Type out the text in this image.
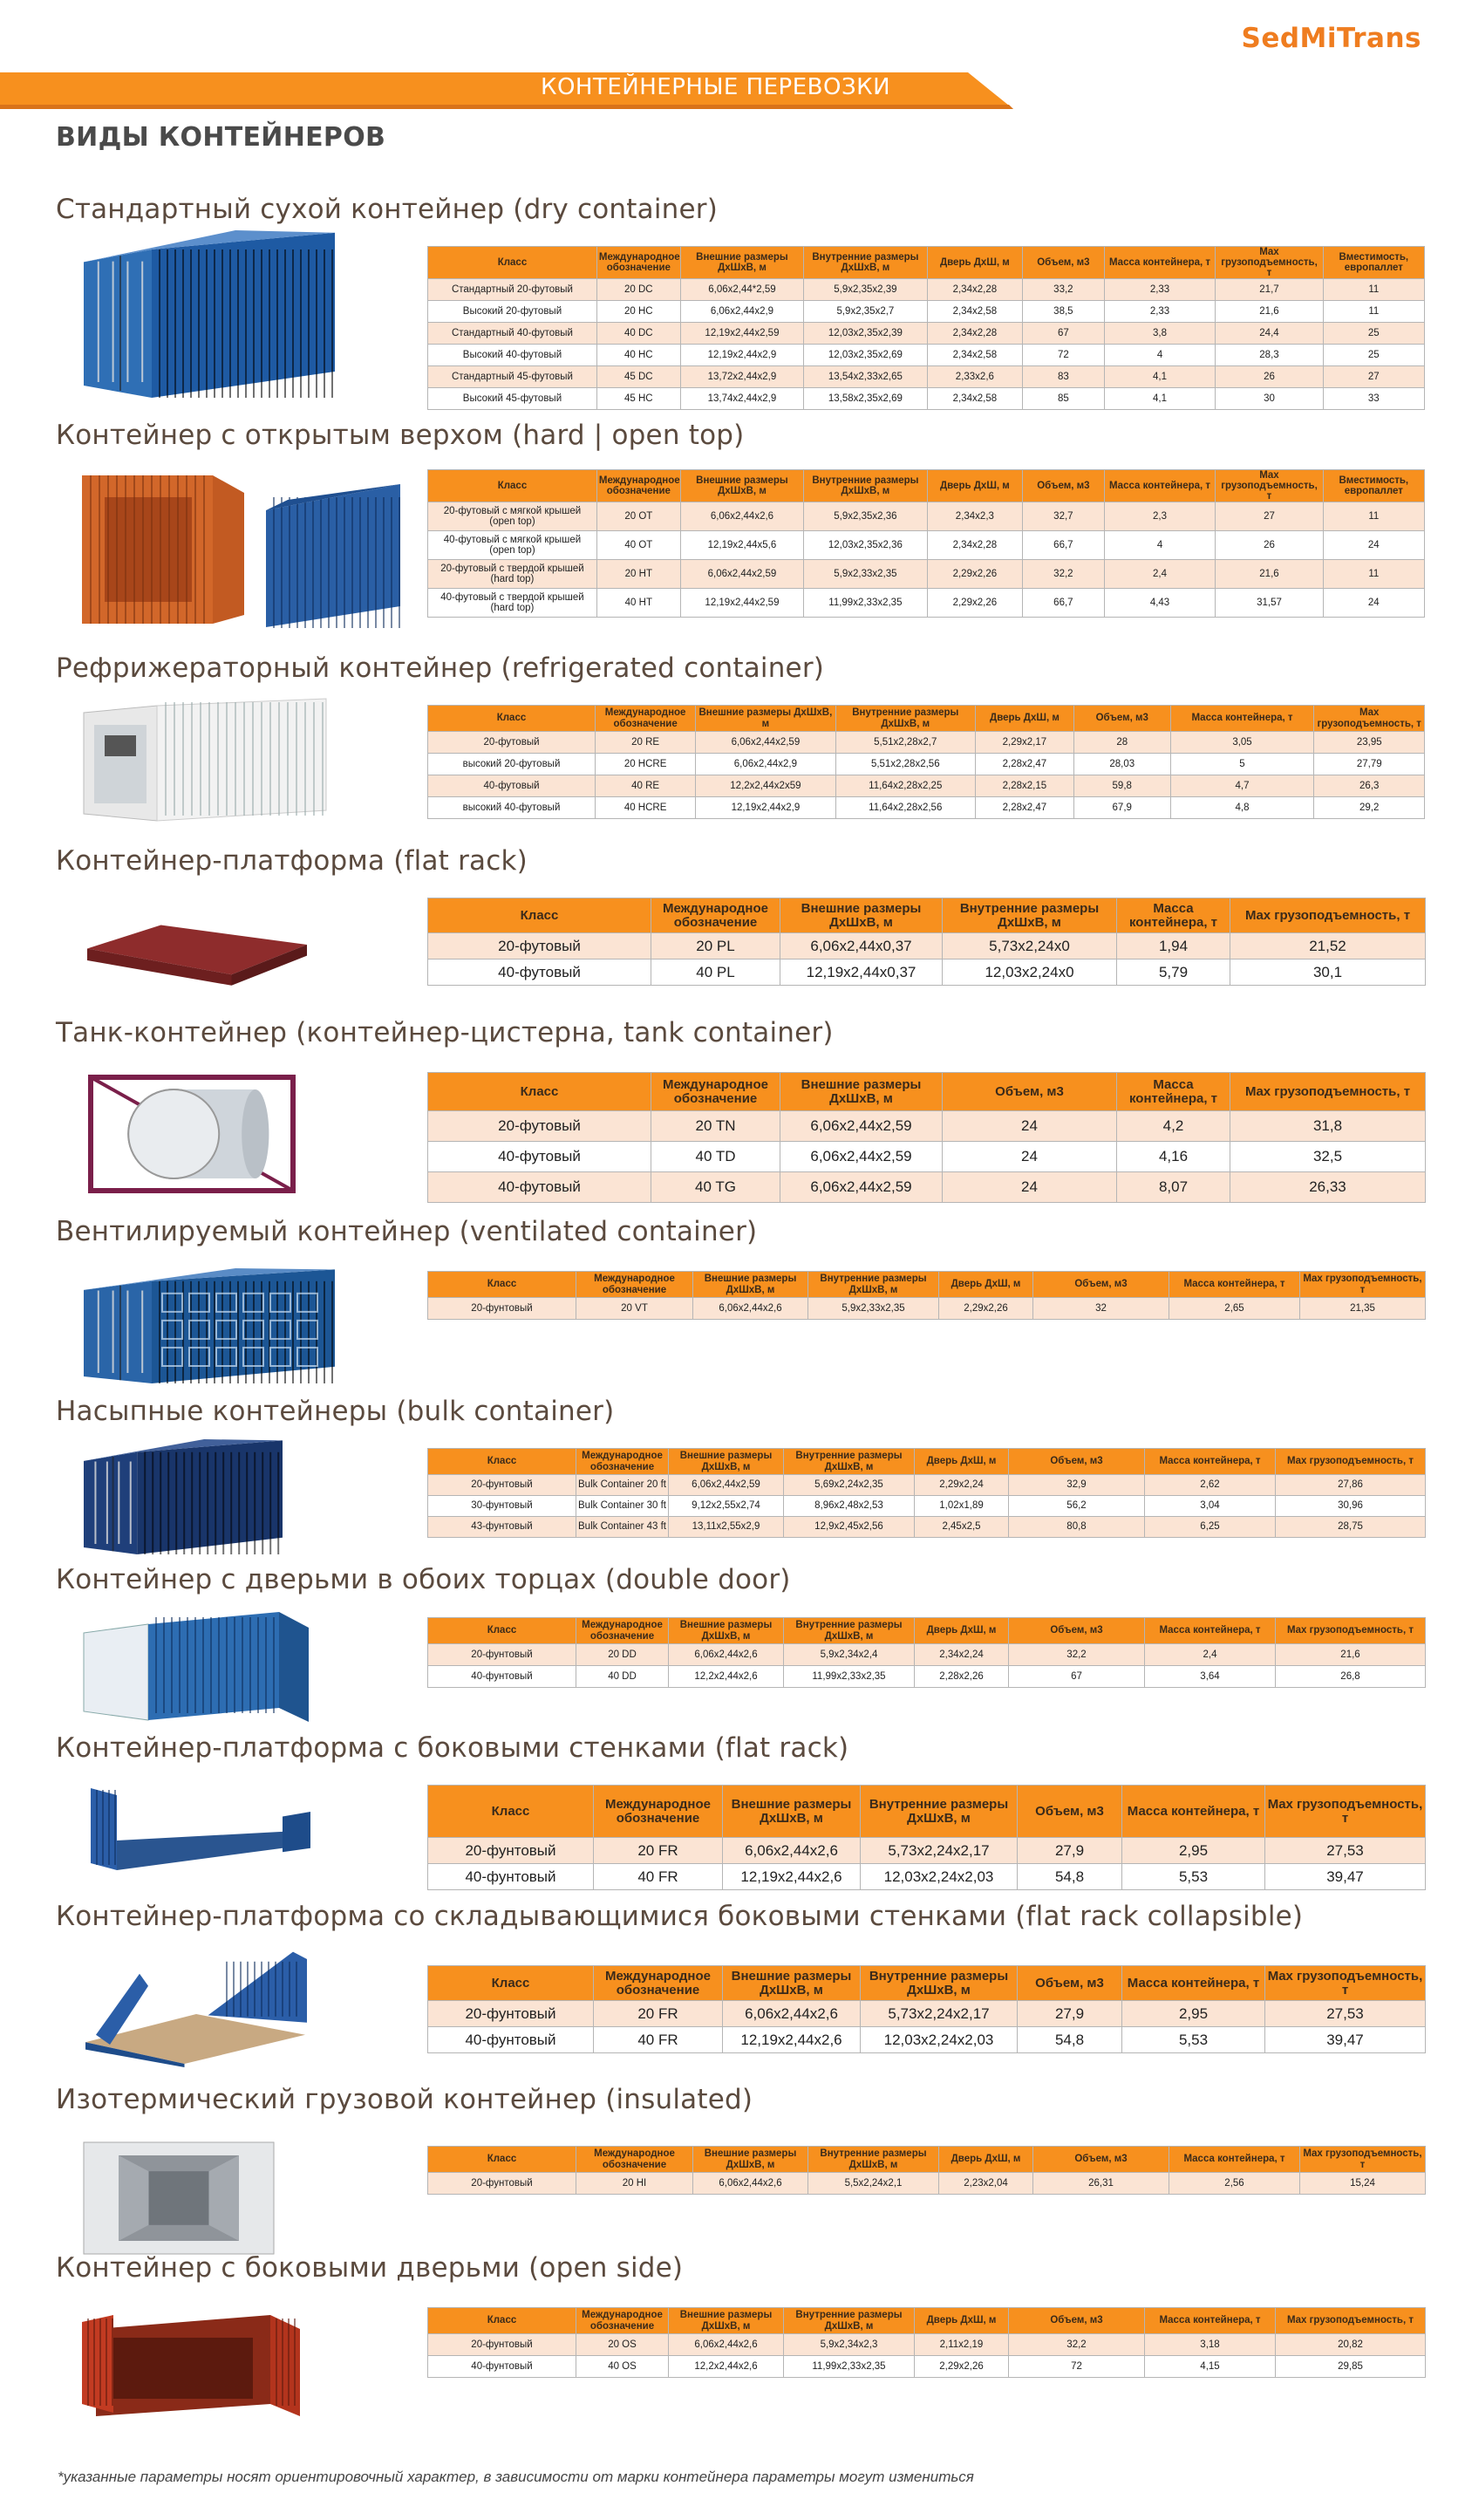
SedMiTrans
КОНТЕЙНЕРНЫЕ ПЕРЕВОЗКИ
ВИДЫ КОНТЕЙНЕРОВ
Стандартный сухой контейнер (dry container)
Класс	Международное обозначение	Внешние размеры ДхШхВ, м	Внутренние размеры ДхШхВ, м	Дверь ДхШ, м	Объем, м3	Масса контейнера, т	Max грузоподъемность, т	Вместимость, европаллет
Стандартный 20-футовый	20 DC	6,06x2,44*2,59	5,9x2,35x2,39	2,34x2,28	33,2	2,33	21,7	11
Высокий 20-футовый	20 HC	6,06x2,44x2,9	5,9x2,35x2,7	2,34x2,58	38,5	2,33	21,6	11
Стандартный 40-футовый	40 DC	12,19x2,44x2,59	12,03x2,35x2,39	2,34x2,28	67	3,8	24,4	25
Высокий 40-футовый	40 HC	12,19x2,44x2,9	12,03x2,35x2,69	2,34x2,58	72	4	28,3	25
Стандартный 45-футовый	45 DC	13,72x2,44x2,9	13,54x2,33x2,65	2,33x2,6	83	4,1	26	27
Высокий 45-футовый	45 HC	13,74x2,44x2,9	13,58x2,35x2,69	2,34x2,58	85	4,1	30	33
Контейнер с открытым верхом (hard | open top)
Класс	Международное обозначение	Внешние размеры ДхШхВ, м	Внутренние размеры ДхШхВ, м	Дверь ДхШ, м	Объем, м3	Масса контейнера, т	Max грузоподъемность, т	Вместимость, европаллет
20-футовый с мягкой крышей (open top)	20 OT	6,06x2,44x2,6	5,9x2,35x2,36	2,34x2,3	32,7	2,3	27	11
40-футовый с мягкой крышей (open top)	40 OT	12,19x2,44x5,6	12,03x2,35x2,36	2,34x2,28	66,7	4	26	24
20-футовый с твердой крышей (hard top)	20 HT	6,06x2,44x2,59	5,9x2,33x2,35	2,29x2,26	32,2	2,4	21,6	11
40-футовый с твердой крышей (hard top)	40 HT	12,19x2,44x2,59	11,99x2,33x2,35	2,29x2,26	66,7	4,43	31,57	24
Рефрижераторный контейнер (refrigerated container)
Класс	Международное обозначение	Внешние размеры ДхШхВ, м	Внутренние размеры ДхШхВ, м	Дверь ДхШ, м	Объем, м3	Масса контейнера, т	Max грузоподъемность, т
20-футовый	20 RE	6,06x2,44x2,59	5,51x2,28x2,7	2,29x2,17	28	3,05	23,95
высокий 20-футовый	20 HCRE	6,06x2,44x2,9	5,51x2,28x2,56	2,28x2,47	28,03	5	27,79
40-футовый	40 RE	12,2x2,44x2х59	11,64x2,28x2,25	2,28x2,15	59,8	4,7	26,3
высокий 40-футовый	40 HCRE	12,19x2,44x2,9	11,64x2,28x2,56	2,28x2,47	67,9	4,8	29,2
Контейнер-платформа (flat rack)
Класс	Международное обозначение	Внешние размеры ДхШхВ, м	Внутренние размеры ДхШхВ, м	Масса контейнера, т	Max грузоподъемность, т
20-футовый	20 PL	6,06x2,44x0,37	5,73x2,24x0	1,94	21,52
40-футовый	40 PL	12,19x2,44x0,37	12,03x2,24x0	5,79	30,1
Танк-контейнер (контейнер-цистерна, tank container)
Класс	Международное обозначение	Внешние размеры ДхШхВ, м	Объем, м3	Масса контейнера, т	Max грузоподъемность, т
20-футовый	20 TN	6,06x2,44x2,59	24	4,2	31,8
40-футовый	40 TD	6,06x2,44x2,59	24	4,16	32,5
40-футовый	40 TG	6,06x2,44x2,59	24	8,07	26,33
Вентилируемый контейнер (ventilated container)
Класс	Международное обозначение	Внешние размеры ДхШхВ, м	Внутренние размеры ДхШхВ, м	Дверь ДхШ, м	Объем, м3	Масса контейнера, т	Max грузоподъемность, т
20-фунтовый	20 VT	6,06x2,44x2,6	5,9x2,33x2,35	2,29x2,26	32	2,65	21,35
Насыпные контейнеры (bulk container)
Класс	Международное обозначение	Внешние размеры ДхШхВ, м	Внутренние размеры ДхШхВ, м	Дверь ДхШ, м	Объем, м3	Масса контейнера, т	Max грузоподъемность, т
20-фунтовый	Bulk Container 20 ft	6,06x2,44x2,59	5,69x2,24x2,35	2,29x2,24	32,9	2,62	27,86
30-фунтовый	Bulk Container 30 ft	9,12x2,55x2,74	8,96x2,48x2,53	1,02x1,89	56,2	3,04	30,96
43-фунтовый	Bulk Container 43 ft	13,11x2,55x2,9	12,9x2,45x2,56	2,45x2,5	80,8	6,25	28,75
Контейнер с дверьми в обоих торцах (double door)
Класс	Международное обозначение	Внешние размеры ДхШхВ, м	Внутренние размеры ДхШхВ, м	Дверь ДхШ, м	Объем, м3	Масса контейнера, т	Max грузоподъемность, т
20-фунтовый	20 DD	6,06x2,44x2,6	5,9x2,34x2,4	2,34x2,24	32,2	2,4	21,6
40-фунтовый	40 DD	12,2x2,44x2,6	11,99x2,33x2,35	2,28x2,26	67	3,64	26,8
Контейнер-платформа с боковыми стенками (flat rack)
Класс	Международное обозначение	Внешние размеры ДхШхВ, м	Внутренние размеры ДхШхВ, м	Объем, м3	Масса контейнера, т	Max грузоподъемность, т
20-фунтовый	20 FR	6,06x2,44x2,6	5,73x2,24x2,17	27,9	2,95	27,53
40-фунтовый	40 FR	12,19x2,44x2,6	12,03x2,24x2,03	54,8	5,53	39,47
Контейнер-платформа со складывающимися боковыми стенками (flat rack collapsible)
Класс	Международное обозначение	Внешние размеры ДхШхВ, м	Внутренние размеры ДхШхВ, м	Объем, м3	Масса контейнера, т	Max грузоподъемность, т
20-фунтовый	20 FR	6,06x2,44x2,6	5,73x2,24x2,17	27,9	2,95	27,53
40-фунтовый	40 FR	12,19x2,44x2,6	12,03x2,24x2,03	54,8	5,53	39,47
Изотермический грузовой контейнер (insulated)
Класс	Международное обозначение	Внешние размеры ДхШхВ, м	Внутренние размеры ДхШхВ, м	Дверь ДхШ, м	Объем, м3	Масса контейнера, т	Max грузоподъемность, т
20-фунтовый	20 HI	6,06x2,44x2,6	5,5x2,24x2,1	2,23x2,04	26,31	2,56	15,24
Контейнер с боковыми дверьми (open side)
Класс	Международное обозначение	Внешние размеры ДхШхВ, м	Внутренние размеры ДхШхВ, м	Дверь ДхШ, м	Объем, м3	Масса контейнера, т	Max грузоподъемность, т
20-фунтовый	20 OS	6,06x2,44x2,6	5,9x2,34x2,3	2,11x2,19	32,2	3,18	20,82
40-фунтовый	40 OS	12,2x2,44x2,6	11,99x2,33x2,35	2,29x2,26	72	4,15	29,85
*указанные параметры носят ориентировочный характер, в зависимости от марки контейнера параметры могут измениться
